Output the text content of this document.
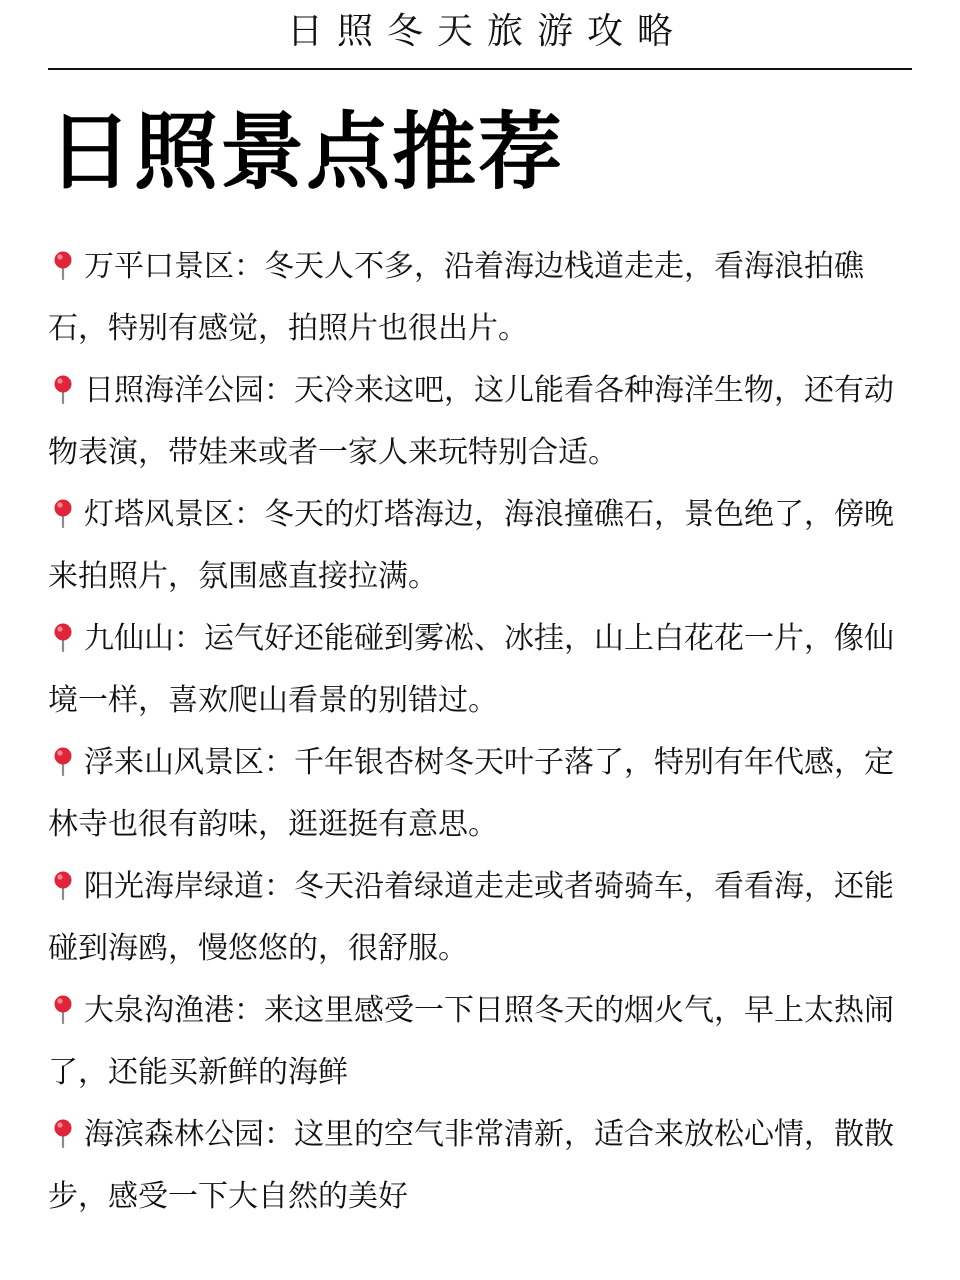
日照冬天旅游攻略
日照景点推荐
万平口景区：冬天人不多，沿着海边栈道走走，看海浪拍礁石，特别有感觉，拍照片也很出片。
日照海洋公园：天冷来这吧，这儿能看各种海洋生物，还有动物表演，带娃来或者一家人来玩特别合适。
灯塔风景区：冬天的灯塔海边，海浪撞礁石，景色绝了，傍晚来拍照片，氛围感直接拉满。
九仙山：运气好还能碰到雾凇、冰挂，山上白花花一片，像仙境一样，喜欢爬山看景的别错过。
浮来山风景区：千年银杏树冬天叶子落了，特别有年代感，定林寺也很有韵味，逛逛挺有意思。
阳光海岸绿道：冬天沿着绿道走走或者骑骑车，看看海，还能碰到海鸥，慢悠悠的，很舒服。
大泉沟渔港：来这里感受一下日照冬天的烟火气，早上太热闹了，还能买新鲜的海鲜
海滨森林公园：这里的空气非常清新，适合来放松心情，散散步，感受一下大自然的美好
